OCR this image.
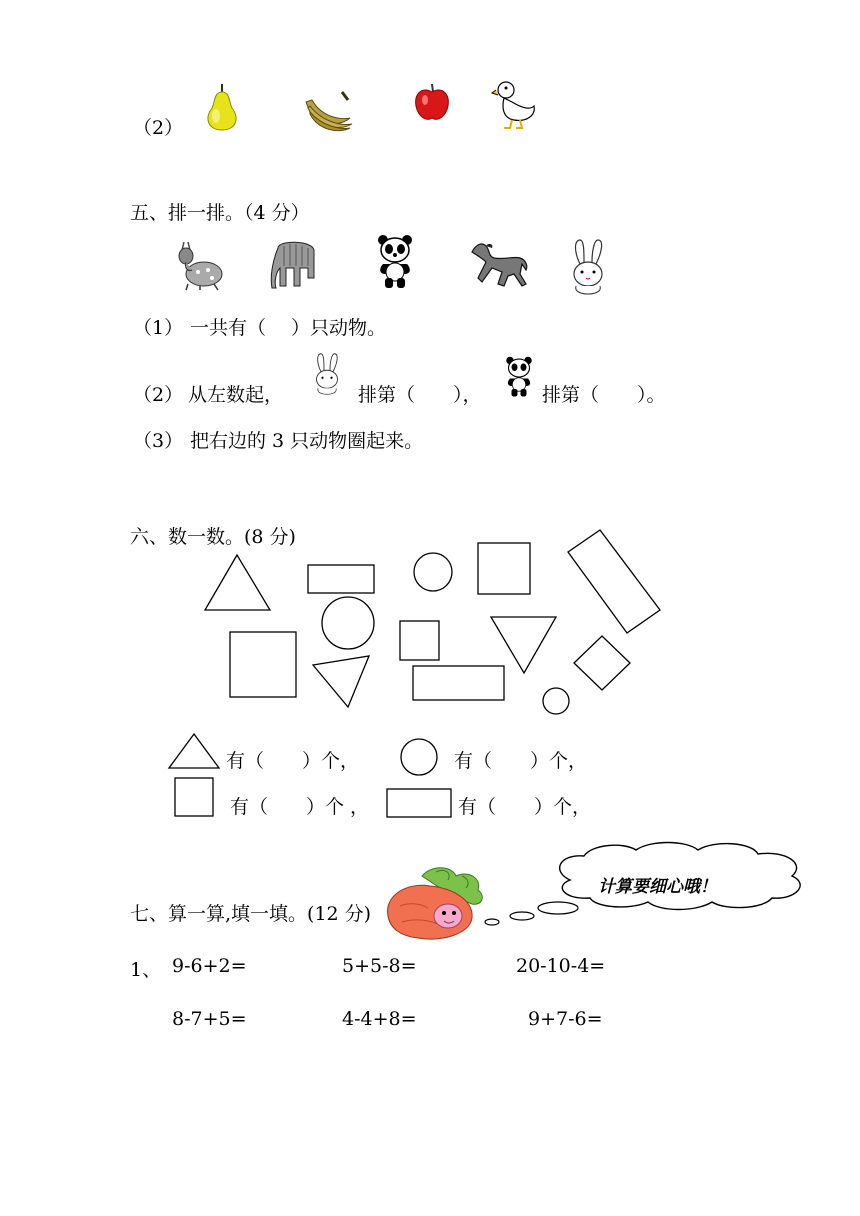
（2）
五、排一排。（4 分）
（1） 一共有（　 ）只动物。
（2） 从左数起，	排第（　　），	排第（　　）。
（3） 把右边的 3 只动物圈起来。
六、数一数。(8 分)
有（　　）个，	有（　　）个，
有（　　）个 ，	有（　　）个，
计算要细心哦！
七、算一算,填一填。(12 分)
1、 9-6+2=	5+5-8=	20-10-4=
8-7+5=	4-4+8=	9+7-6=
